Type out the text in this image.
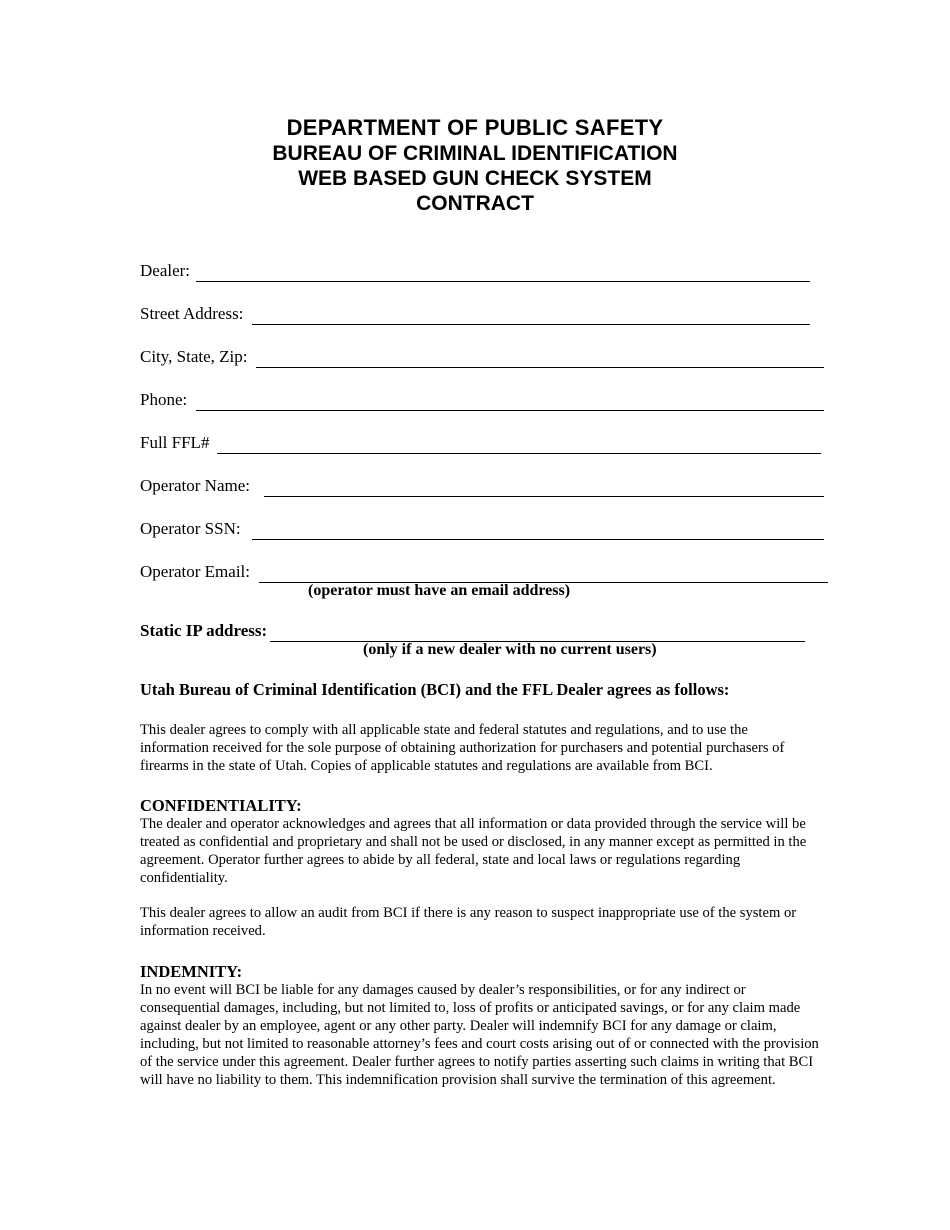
DEPARTMENT OF PUBLIC SAFETY
BUREAU OF CRIMINAL IDENTIFICATION
WEB BASED GUN CHECK SYSTEM
CONTRACT
Dealer:
Street Address:
City, State, Zip:
Phone:
Full FFL#
Operator Name:
Operator SSN:
Operator Email:
(operator must have an email address)
Static IP address:
(only if a new dealer with no current users)
Utah Bureau of Criminal Identification (BCI) and the FFL Dealer agrees as follows:

This dealer agrees to comply with all applicable state and federal statutes and regulations, and to use the information received for the sole purpose of obtaining authorization for purchasers and potential purchasers of firearms in the state of Utah. Copies of applicable statutes and regulations are available from BCI.

CONFIDENTIALITY:

The dealer and operator acknowledges and agrees that all information or data provided through the service will be treated as confidential and proprietary and shall not be used or disclosed, in any manner except as permitted in the agreement. Operator further agrees to abide by all federal, state and local laws or regulations regarding confidentiality.

This dealer agrees to allow an audit from BCI if there is any reason to suspect inappropriate use of the system or information received.

INDEMNITY:

In no event will BCI be liable for any damages caused by dealer’s responsibilities, or for any indirect or consequential damages, including, but not limited to, loss of profits or anticipated savings, or for any claim made against dealer by an employee, agent or any other party. Dealer will indemnify BCI for any damage or claim, including, but not limited to reasonable attorney’s fees and court costs arising out of or connected with the provision of the service under this agreement. Dealer further agrees to notify parties asserting such claims in writing that BCI will have no liability to them. This indemnification provision shall survive the termination of this agreement.
